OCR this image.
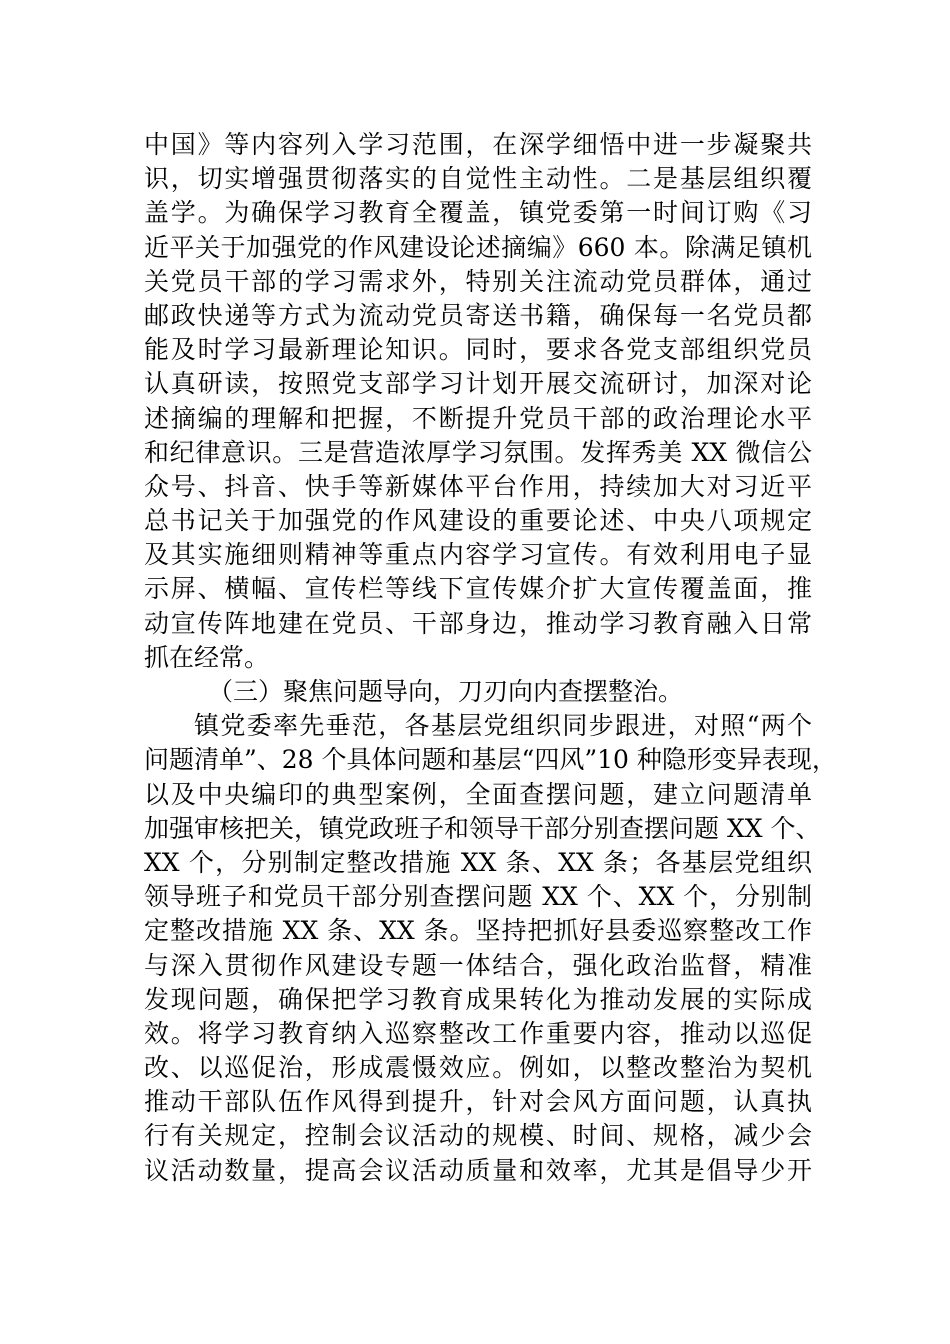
中国》等内容列入学习范围，在深学细悟中进一步凝聚共
识，切实增强贯彻落实的自觉性主动性。二是基层组织覆
盖学。为确保学习教育全覆盖，镇党委第一时间订购《习
近平关于加强党的作风建设论述摘编》660 本。除满足镇机
关党员干部的学习需求外，特别关注流动党员群体，通过
邮政快递等方式为流动党员寄送书籍，确保每一名党员都
能及时学习最新理论知识。同时，要求各党支部组织党员
认真研读，按照党支部学习计划开展交流研讨，加深对论
述摘编的理解和把握，不断提升党员干部的政治理论水平
和纪律意识。三是营造浓厚学习氛围。发挥秀美 XX 微信公
众号、抖音、快手等新媒体平台作用，持续加大对习近平
总书记关于加强党的作风建设的重要论述、中央八项规定
及其实施细则精神等重点内容学习宣传。有效利用电子显
示屏、横幅、宣传栏等线下宣传媒介扩大宣传覆盖面，推
动宣传阵地建在党员、干部身边，推动学习教育融入日常
抓在经常。
（三）聚焦问题导向，刀刃向内查摆整治。
镇党委率先垂范，各基层党组织同步跟进，对照“两个
问题清单”、28 个具体问题和基层“四风”10 种隐形变异表现，
以及中央编印的典型案例，全面查摆问题，建立问题清单
加强审核把关，镇党政班子和领导干部分别查摆问题 XX 个、
XX 个，分别制定整改措施 XX 条、XX 条；各基层党组织
领导班子和党员干部分别查摆问题 XX 个、XX 个，分别制
定整改措施 XX 条、XX 条。坚持把抓好县委巡察整改工作
与深入贯彻作风建设专题一体结合，强化政治监督，精准
发现问题，确保把学习教育成果转化为推动发展的实际成
效。将学习教育纳入巡察整改工作重要内容，推动以巡促
改、以巡促治，形成震慑效应。例如，以整改整治为契机
推动干部队伍作风得到提升，针对会风方面问题，认真执
行有关规定，控制会议活动的规模、时间、规格，减少会
议活动数量，提高会议活动质量和效率，尤其是倡导少开
